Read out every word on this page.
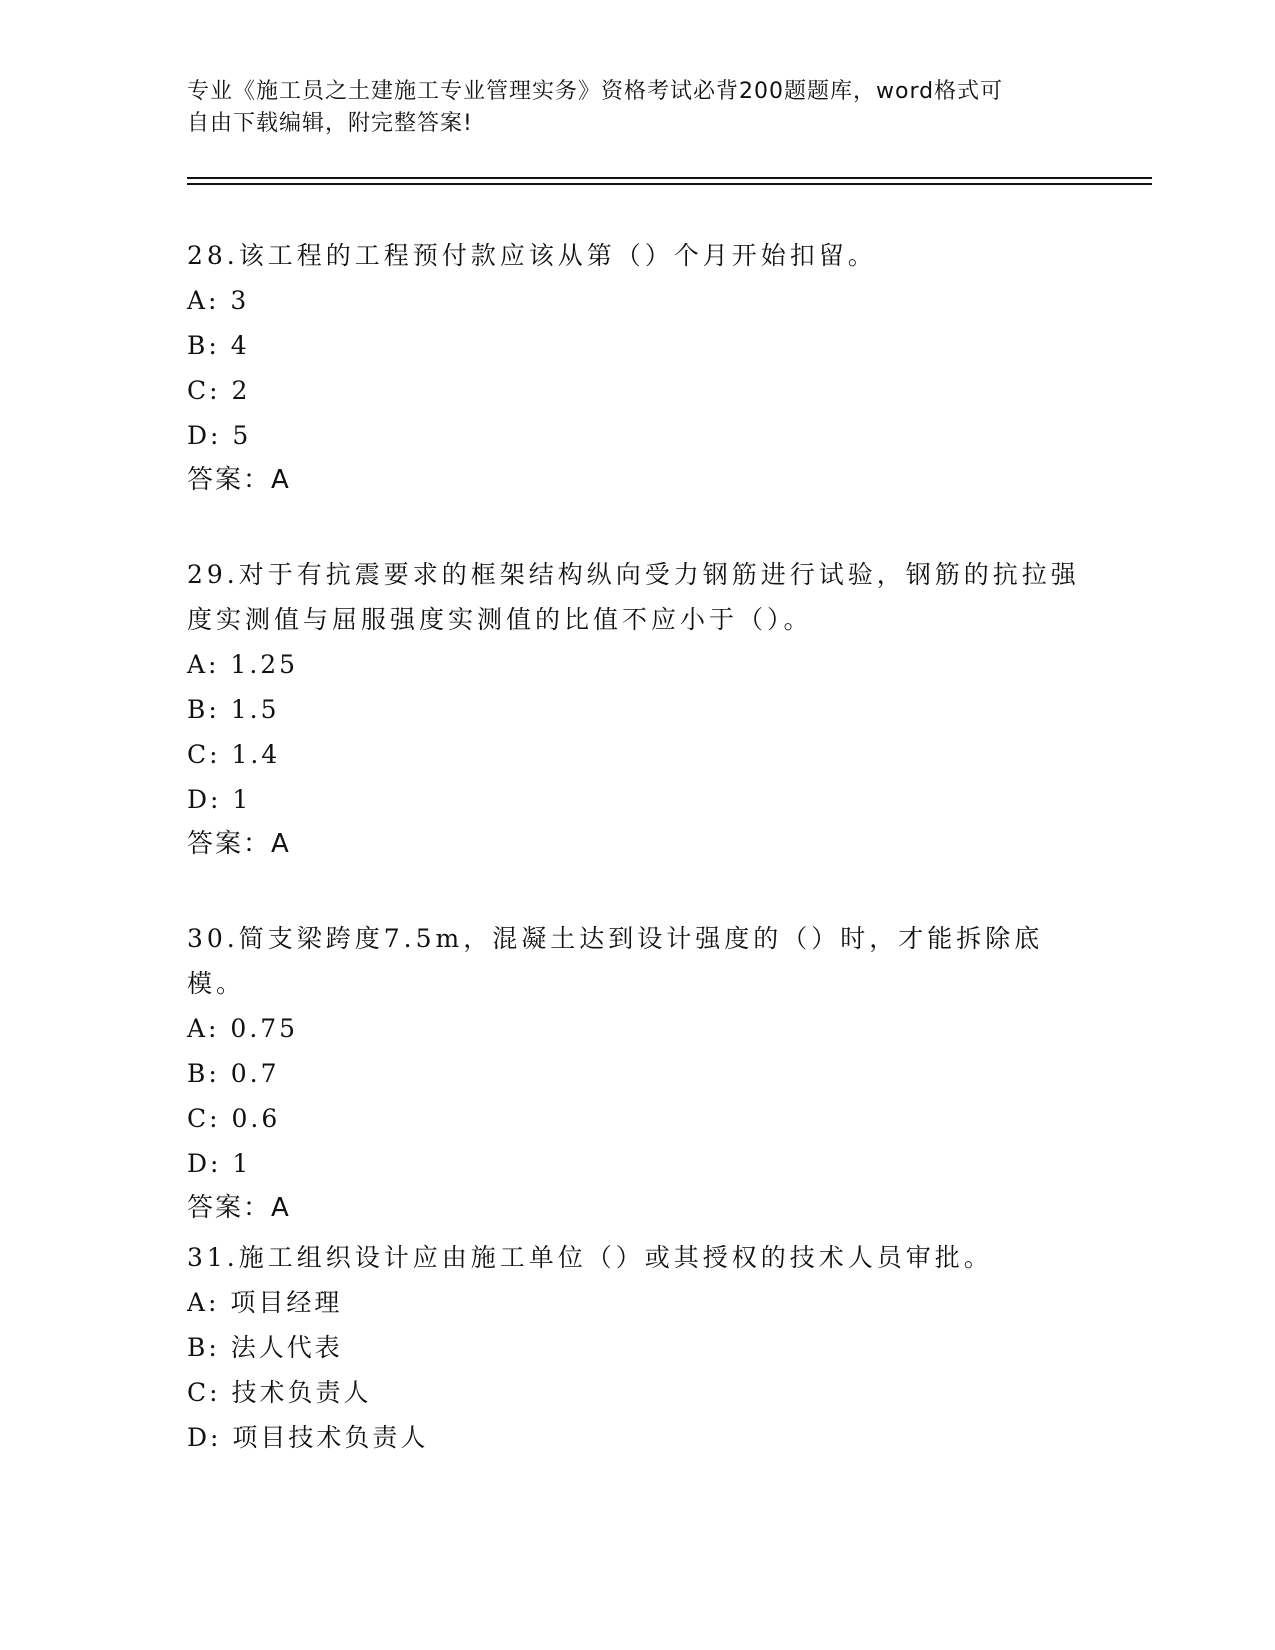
专业《施工员之土建施工专业管理实务》资格考试必背200题题库，word格式可
自由下载编辑，附完整答案!

28.该工程的工程预付款应该从第（）个月开始扣留。

A: 3

B: 4

C: 2

D: 5

答案：A

29.对于有抗震要求的框架结构纵向受力钢筋进行试验，钢筋的抗拉强

度实测值与屈服强度实测值的比值不应小于（）。

A: 1.25

B: 1.5

C: 1.4

D: 1

答案：A

30.简支梁跨度7.5m，混凝土达到设计强度的（）时，才能拆除底模。

A: 0.75

B: 0.7

C: 0.6

D: 1

答案：A

31.施工组织设计应由施工单位（）或其授权的技术人员审批。

A: 项目经理

B: 法人代表

C: 技术负责人

D: 项目技术负责人
